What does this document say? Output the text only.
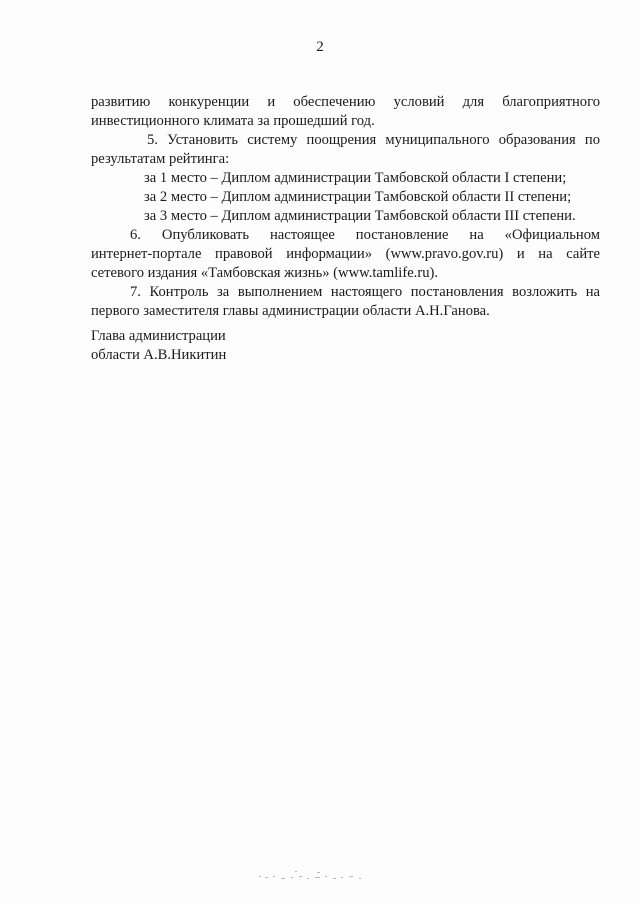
2

развитию конкуренции и обеспечению условий для благоприятного

инвестиционного климата за прошедший год.

5. Установить систему поощрения муниципального образования по

результатам рейтинга:

за 1 место – Диплом администрации Тамбовской области I степени;

за 2 место – Диплом администрации Тамбовской области II степени;

за 3 место – Диплом администрации Тамбовской области III степени.

6. Опубликовать настоящее постановление на «Официальном

интернет-портале правовой информации» (www.pravo.gov.ru) и на сайте

сетевого издания «Тамбовская жизнь» (www.tamlife.ru).

7. Контроль за выполнением настоящего постановления возложить на

первого заместителя главы администрации области А.Н.Ганова.

Глава администрации
области А.В.Никитин
